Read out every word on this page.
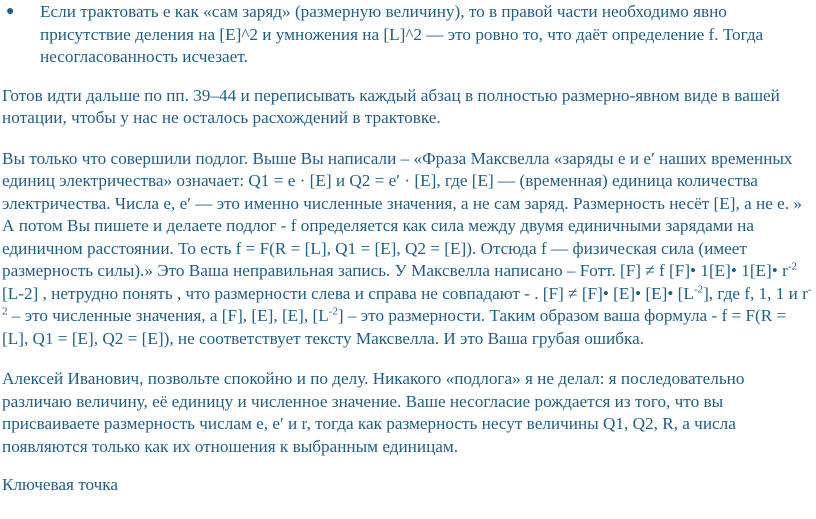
● Если трактовать e как «сам заряд» (размерную величину), то в правой части необходимо явно присутствие деления на [E]^2 и умножения на [L]^2 — это ровно то, что даёт определение f. Тогда несогласованность исчезает.

Готов идти дальше по пп. 39–44 и переписывать каждый абзац в полностью размерно-явном виде в вашей нотации, чтобы у нас не осталось расхождений в трактовке.

Вы только что совершили подлог. Выше Вы написали – «Фраза Максвелла «заряды e и e′ наших временных единиц электричества» означает: Q1 = e · [E] и Q2 = e′ · [E], где [E] — (временная) единица количества электричества. Числа e, e′ — это именно численные значения, а не сам заряд. Размерность несёт [E], а не e. » А потом Вы пишете и делаете подлог - f определяется как сила между двумя единичными зарядами на единичном расстоянии. То есть f = F(R = [L], Q1 = [E], Q2 = [E]). Отсюда f — физическая сила (имеет размерность силы).» Это Ваша неправильная запись. У Максвелла написано – Fотт. [F] ≠ f [F]• 1[E]• 1[E]• $r^{-2}$ [L-2] , нетрудно понять , что размерности слева и справа не совпадают - . [F] ≠ [F]• [E]• [E]• $[L^{-2}]$, где f, 1, 1 и $r^{-2}$ – это численные значения, а [F], [E], [E], $[L^{-2}]$ – это размерности. Таким образом ваша формула - f = F(R = [L], Q1 = [E], Q2 = [E]), не соответствует тексту Максвелла. И это Ваша грубая ошибка.

Алексей Иванович, позвольте спокойно и по делу. Никакого «подлога» я не делал: я последовательно различаю величину, её единицу и численное значение. Ваше несогласие рождается из того, что вы присваиваете размерность числам e, e′ и r, тогда как размерность несут величины Q1, Q2, R, а числа появляются только как их отношения к выбранным единицам.

Ключевая точка
